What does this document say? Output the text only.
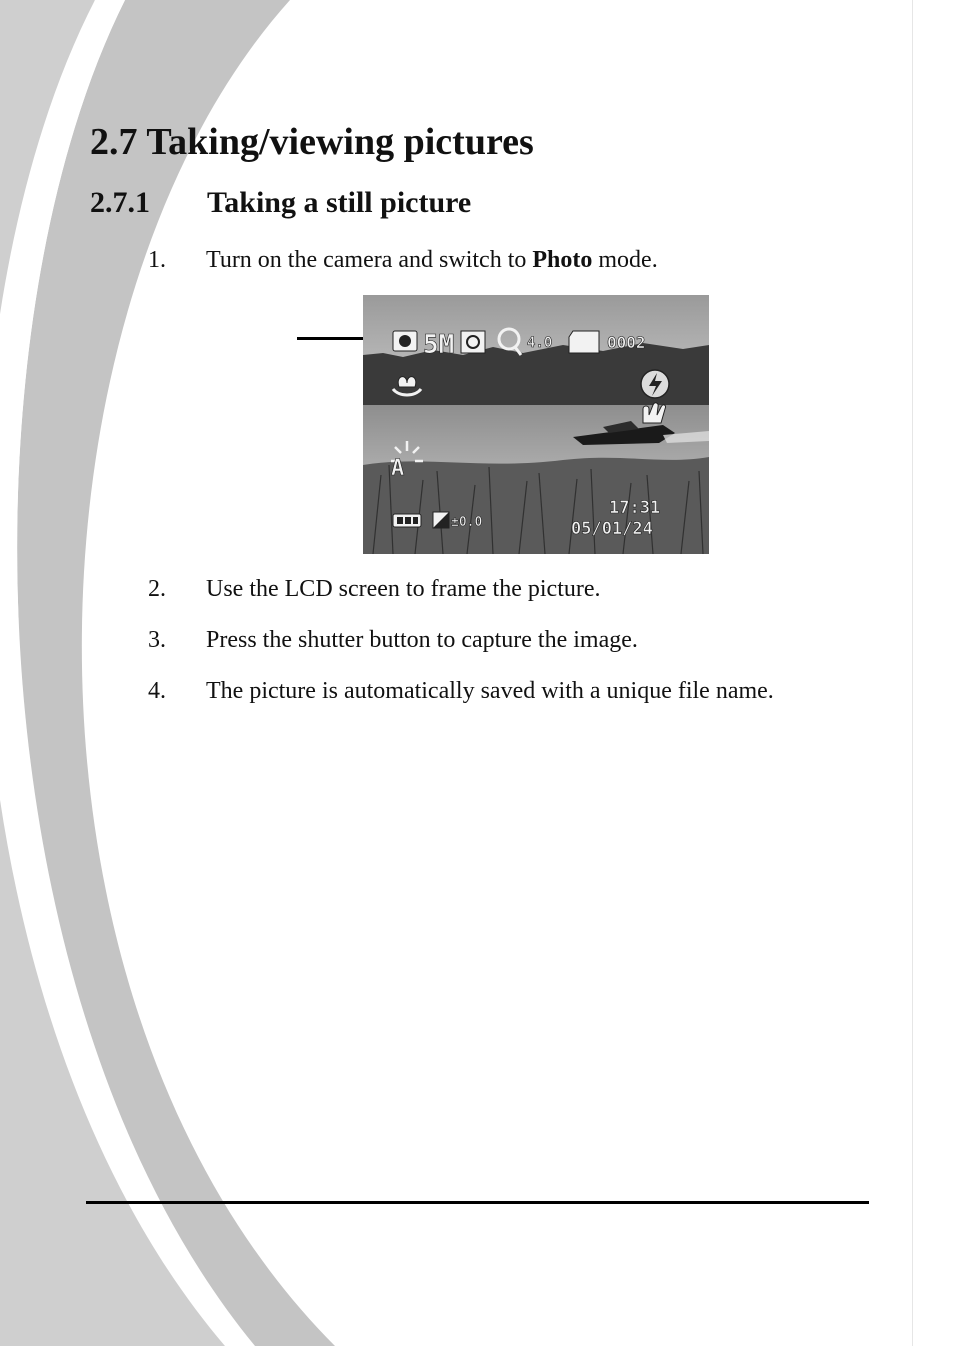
2.7 Taking/viewing pictures
2.7.1 Taking a still picture
1. Turn on the camera and switch to Photo mode.
5M	4.0	0002
A
±0.0
17:31
05/01/24
2. Use the LCD screen to frame the picture.
3. Press the shutter button to capture the image.
4. The picture is automatically saved with a unique file name.
